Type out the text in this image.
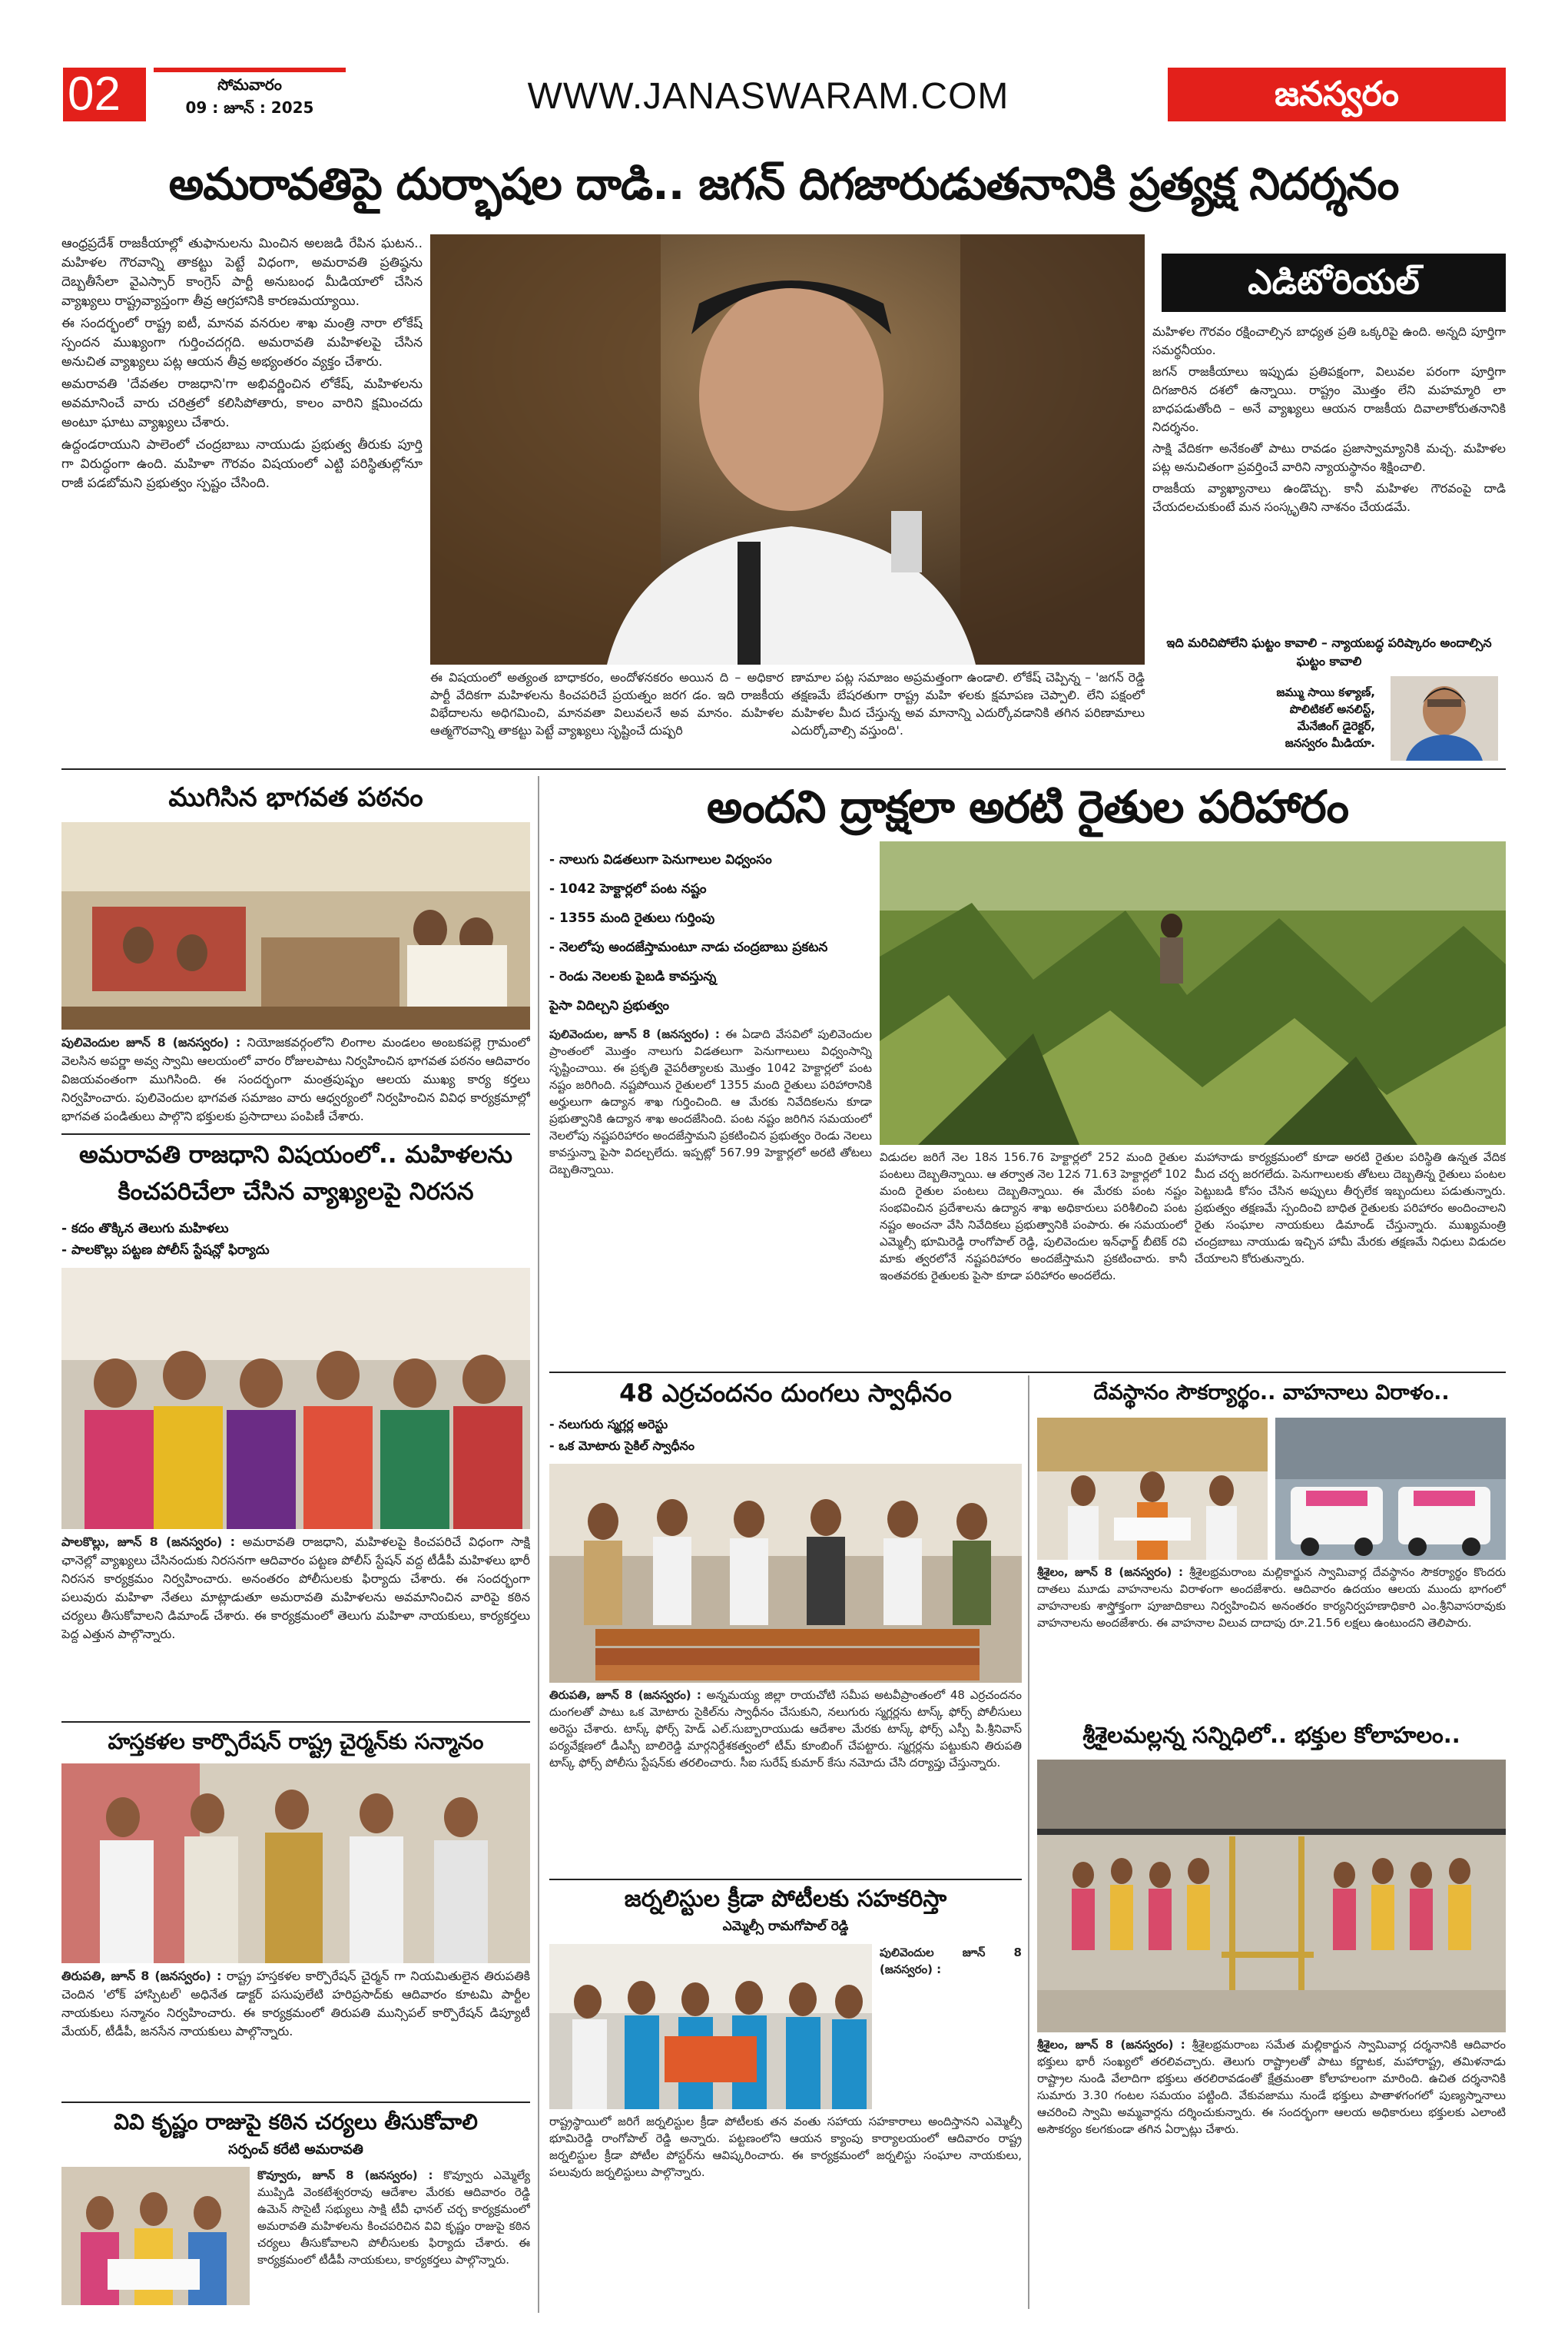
02	సోమవారం
09 : జూన్ : 2025	WWW.JANASWARAM.COM	జనస్వరం
అమరావతిపై దుర్భాషల దాడి.. జగన్ దిగజారుడుతనానికి ప్రత్యక్ష నిదర్శనం

ఆంధ్రప్రదేశ్ రాజకీయాల్లో తుఫానులను మించిన అలజడి రేపిన ఘటన.. మహిళల గౌరవాన్ని తాకట్టు పెట్టే విధంగా, అమరావతి ప్రతిష్ఠను దెబ్బతీసేలా వైఎస్సార్ కాంగ్రెస్ పార్టీ అనుబంధ మీడియాలో చేసిన వ్యాఖ్యలు రాష్ట్రవ్యాప్తంగా తీవ్ర ఆగ్రహానికి కారణమయ్యాయి.

ఈ సందర్భంలో రాష్ట్ర ఐటీ, మానవ వనరుల శాఖ మంత్రి నారా లోకేష్ స్పందన ముఖ్యంగా గుర్తించదగ్గది. అమరావతి మహిళలపై చేసిన అనుచిత వ్యాఖ్యలు పట్ల ఆయన తీవ్ర అభ్యంతరం వ్యక్తం చేశారు.

అమరావతి 'దేవతల రాజధాని'గా అభివర్ణించిన లోకేష్, మహిళలను అవమానించే వారు చరిత్రలో కలిసిపోతారు, కాలం వారిని క్షమించదు అంటూ ఘాటు వ్యాఖ్యలు చేశారు.

ఉద్దండరాయుని పాలెంలో చంద్రబాబు నాయుడు ప్రభుత్వ తీరుకు పూర్తి గా విరుద్ధంగా ఉంది. మహిళా గౌరవం విషయంలో ఎట్టి పరిస్థితుల్లోనూ రాజీ పడబోమని ప్రభుత్వం స్పష్టం చేసింది.

ఈ విషయంలో అత్యంత బాధాకరం, అందోళనకరం అయిన ది – అధికార పార్టీ వేదికగా మహిళలను కించపరిచే ప్రయత్నం జరగ డం. ఇది రాజకీయ విభేదాలను అధిగమించి, మానవతా విలువలనే అవ మానం. మహిళల ఆత్మగౌరవాన్ని తాకట్టు పెట్టే వ్యాఖ్యలు సృష్టించే దుష్పరి

ణామాల పట్ల సమాజం అప్రమత్తంగా ఉండాలి. లోకేష్ చెప్పిన్న – 'జగన్ రెడ్డి తక్షణమే బేషరతుగా రాష్ట్ర మహి ళలకు క్షమాపణ చెప్పాలి. లేని పక్షంలో మహిళల మీద చేస్తున్న అవ మానాన్ని ఎదుర్కోవడానికి తగిన పరిణామాలు ఎదుర్కోవాల్సి వస్తుంది'.

ఎడిటోరియల్

మహిళల గౌరవం రక్షించాల్సిన బాధ్యత ప్రతి ఒక్కరిపై ఉంది. అన్నది పూర్తిగా సమర్థనీయం.

జగన్ రాజకీయాలు ఇప్పుడు ప్రతిపక్షంగా, విలువల పరంగా పూర్తిగా దిగజారిన దశలో ఉన్నాయి. రాష్ట్రం మొత్తం లేని మహమ్మారి లా బాధపడుతోంది – అనే వ్యాఖ్యలు ఆయన రాజకీయ దివాలాకోరుతనానికి నిదర్శనం.

సాక్షి వేదికగా అనేకంతో పాటు రావడం ప్రజాస్వామ్యానికి మచ్చ. మహిళల పట్ల అనుచితంగా ప్రవర్తించే వారిని న్యాయస్థానం శిక్షించాలి.

రాజకీయ వ్యాఖ్యానాలు ఉండొచ్చు. కానీ మహిళల గౌరవంపై దాడి చేయదలచుకుంటే మన సంస్కృతిని నాశనం చేయడమే.

ఇది మరిచిపోలేని ఘట్టం కావాలి – న్యాయబద్ధ పరిష్కారం అందాల్సిన ఘట్టం కావాలి
జమ్ము సాయి కళ్యాణ్,
పొలిటికల్ అనలిస్ట్,
మేనేజింగ్ డైరెక్టర్,
జనస్వరం మీడియా.
ముగిసిన భాగవత పఠనం
పులివెందుల జూన్ 8 (జనస్వరం) : నియోజకవర్గంలోని లింగాల మండలం అంబకపల్లె గ్రామంలో వెలసిన అపర్ణా అవ్వ స్వామి ఆలయంలో వారం రోజులపాటు నిర్వహించిన భాగవత పఠనం ఆదివారం విజయవంతంగా ముగిసింది. ఈ సందర్భంగా మంత్రపుష్పం ఆలయ ముఖ్య కార్య కర్తలు నిర్వహించారు. పులివెందుల భాగవత సమాజం వారు ఆధ్వర్యంలో నిర్వహించిన వివిధ కార్యక్రమాల్లో భాగవత పండితులు పాల్గొని భక్తులకు ప్రసాదాలు పంపిణీ చేశారు.
అమరావతి రాజధాని విషయంలో.. మహిళలను
కించపరిచేలా చేసిన వ్యాఖ్యలపై నిరసన

- కదం తొక్కిన తెలుగు మహిళలు

- పాలకొల్లు పట్టణ పోలీస్ స్టేషన్లో ఫిర్యాదు

పాలకొల్లు, జూన్ 8 (జనస్వరం) : అమరావతి రాజధాని, మహిళలపై కించపరిచే విధంగా సాక్షి ఛానెల్లో వ్యాఖ్యలు చేసినందుకు నిరసనగా ఆదివారం పట్టణ పోలీస్ స్టేషన్ వద్ద టీడీపీ మహిళలు భారీ నిరసన కార్యక్రమం నిర్వహించారు. అనంతరం పోలీసులకు ఫిర్యాదు చేశారు. ఈ సందర్భంగా పలువురు మహిళా నేతలు మాట్లాడుతూ అమరావతి మహిళలను అవమానించిన వారిపై కఠిన చర్యలు తీసుకోవాలని డిమాండ్ చేశారు. ఈ కార్యక్రమంలో తెలుగు మహిళా నాయకులు, కార్యకర్తలు పెద్ద ఎత్తున పాల్గొన్నారు.
హస్తకళల కార్పొరేషన్ రాష్ట్ర చైర్మన్‌కు సన్మానం
తిరుపతి, జూన్ 8 (జనస్వరం) : రాష్ట్ర హస్తకళల కార్పొరేషన్ చైర్మన్ గా నియమితులైన తిరుపతికి చెందిన 'లోక్ హాస్పిటల్' అధినేత డాక్టర్ పసుపులేటి హరిప్రసాద్‌కు ఆదివారం కూటమి పార్టీల నాయకులు సన్మానం నిర్వహించారు. ఈ కార్యక్రమంలో తిరుపతి మున్సిపల్ కార్పొరేషన్ డిప్యూటీ మేయర్, టీడీపీ, జనసేన నాయకులు పాల్గొన్నారు.
వివి కృష్ణం రాజుపై కఠిన చర్యలు తీసుకోవాలి
సర్పంచ్ కరేటి అమరావతి
కొవ్వూరు, జూన్ 8 (జనస్వరం) : కొవ్వూరు ఎమ్మెల్యే ముప్పిడి వెంకటేశ్వరరావు ఆదేశాల మేరకు ఆదివారం రెడ్డి ఉమెన్ సొసైటీ సభ్యులు సాక్షి టీవీ ఛానల్ చర్చ కార్యక్రమంలో అమరావతి మహిళలను కించపరిచిన వివి కృష్ణం రాజుపై కఠిన చర్యలు తీసుకోవాలని పోలీసులకు ఫిర్యాదు చేశారు. ఈ కార్యక్రమంలో టీడీపీ నాయకులు, కార్యకర్తలు పాల్గొన్నారు.
అందని ద్రాక్షలా అరటి రైతుల పరిహారం

- నాలుగు విడతలుగా పెనుగాలుల విధ్వంసం

- 1042 హెక్టార్లలో పంట నష్టం

- 1355 మంది రైతులు గుర్తింపు

- నెలలోపు అందజేస్తామంటూ నాడు చంద్రబాబు ప్రకటన

- రెండు నెలలకు పైబడి కావస్తున్న

పైసా విదిల్చని ప్రభుత్వం

పులివెందుల, జూన్ 8 (జనస్వరం) : ఈ ఏడాది వేసవిలో పులివెందుల ప్రాంతంలో మొత్తం నాలుగు విడతలుగా పెనుగాలులు విధ్వంసాన్ని సృష్టించాయి. ఈ ప్రకృతి వైపరీత్యాలకు మొత్తం 1042 హెక్టార్లలో పంట నష్టం జరిగింది. నష్టపోయిన రైతులలో 1355 మంది రైతులు పరిహారానికి అర్హులుగా ఉద్యాన శాఖ గుర్తించింది. ఆ మేరకు నివేదికలను కూడా ప్రభుత్వానికి ఉద్యాన శాఖ అందజేసింది. పంట నష్టం జరిగిన సమయంలో నెలలోపు నష్టపరిహారం అందజేస్తామని ప్రకటించిన ప్రభుత్వం రెండు నెలలు కావస్తున్నా పైసా విదల్చలేదు. ఇప్పట్లో 567.99 హెక్టార్లలో అరటి తోటలు దెబ్బతిన్నాయి.
విడుదల జరిగే నెల 18న 156.76 హెక్టార్లలో 252 మంది రైతుల పంటలు దెబ్బతిన్నాయి. ఆ తర్వాత నెల 12న 71.63 హెక్టార్లలో 102 మంది రైతుల పంటలు దెబ్బతిన్నాయి. ఈ మేరకు పంట నష్టం సంభవించిన ప్రదేశాలను ఉద్యాన శాఖ అధికారులు పరిశీలించి పంట నష్టం అంచనా వేసి నివేదికలు ప్రభుత్వానికి పంపారు. ఈ సమయంలో ఎమ్మెల్సీ భూమిరెడ్డి రాంగోపాల్ రెడ్డి, పులివెందుల ఇన్‌ఛార్జ్ బీటెక్ రవి మాకు త్వరలోనే నష్టపరిహారం అందజేస్తామని ప్రకటించారు. కానీ ఇంతవరకు రైతులకు పైసా కూడా పరిహారం అందలేదు.
మహానాడు కార్యక్రమంలో కూడా అరటి రైతుల పరిస్థితి ఉన్నత వేదిక మీద చర్చ జరగలేదు. పెనుగాలులకు తోటలు దెబ్బతిన్న రైతులు పంటల పెట్టుబడి కోసం చేసిన అప్పులు తీర్చలేక ఇబ్బందులు పడుతున్నారు. ప్రభుత్వం తక్షణమే స్పందించి బాధిత రైతులకు పరిహారం అందించాలని రైతు సంఘాల నాయకులు డిమాండ్ చేస్తున్నారు. ముఖ్యమంత్రి చంద్రబాబు నాయుడు ఇచ్చిన హామీ మేరకు తక్షణమే నిధులు విడుదల చేయాలని కోరుతున్నారు.
48 ఎర్రచందనం దుంగలు స్వాధీనం

- నలుగురు స్మగ్లర్ల అరెస్టు

- ఒక మోటారు సైకిల్ స్వాధీనం

తిరుపతి, జూన్ 8 (జనస్వరం) : అన్నమయ్య జిల్లా రాయచోటి సమీప అటవీప్రాంతంలో 48 ఎర్రచందనం దుంగలతో పాటు ఒక మోటారు సైకిల్‌ను స్వాధీనం చేసుకుని, నలుగురు స్మగ్లర్లను టాస్క్ ఫోర్స్ పోలీసులు అరెస్టు చేశారు. టాస్క్ ఫోర్స్ హెడ్ ఎల్.సుబ్బారాయుడు ఆదేశాల మేరకు టాస్క్ ఫోర్స్ ఎస్పీ పి.శ్రీనివాస్ పర్యవేక్షణలో డీఎస్పీ బాలిరెడ్డి మార్గనిర్దేశకత్వంలో టీమ్ కూంబింగ్ చేపట్టారు. స్మగ్లర్లను పట్టుకుని తిరుపతి టాస్క్ ఫోర్స్ పోలీసు స్టేషన్‌కు తరలించారు. సీఐ సురేష్ కుమార్ కేసు నమోదు చేసి దర్యాప్తు చేస్తున్నారు.
జర్నలిస్టుల క్రీడా పోటీలకు సహకరిస్తా
ఎమ్మెల్సీ రామగోపాల్ రెడ్డి
పులివెందుల జూన్ 8 (జనస్వరం) :
రాష్ట్రస్థాయిలో జరిగే జర్నలిస్టుల క్రీడా పోటీలకు తన వంతు సహాయ సహకారాలు అందిస్తానని ఎమ్మెల్సీ భూమిరెడ్డి రాంగోపాల్ రెడ్డి అన్నారు. పట్టణంలోని ఆయన క్యాంపు కార్యాలయంలో ఆదివారం రాష్ట్ర జర్నలిస్టుల క్రీడా పోటీల పోస్టర్‌ను ఆవిష్కరించారు. ఈ కార్యక్రమంలో జర్నలిస్టు సంఘాల నాయకులు, పలువురు జర్నలిస్టులు పాల్గొన్నారు.
దేవస్థానం సౌకర్యార్థం.. వాహనాలు విరాళం..
శ్రీశైలం, జూన్ 8 (జనస్వరం) : శ్రీశైలభ్రమరాంబ మల్లికార్జున స్వామివార్ల దేవస్థానం సౌకర్యార్థం కొందరు దాతలు మూడు వాహనాలను విరాళంగా అందజేశారు. ఆదివారం ఉదయం ఆలయ ముందు భాగంలో వాహనాలకు శాస్త్రోక్తంగా పూజాదికాలు నిర్వహించిన అనంతరం కార్యనిర్వహణాధికారి ఎం.శ్రీనివాసరావుకు వాహనాలను అందజేశారు. ఈ వాహనాల విలువ దాదాపు రూ.21.56 లక్షలు ఉంటుందని తెలిపారు.
శ్రీశైలమల్లన్న సన్నిధిలో.. భక్తుల కోలాహలం..
శ్రీశైలం, జూన్ 8 (జనస్వరం) : శ్రీశైలభ్రమరాంబ సమేత మల్లికార్జున స్వామివార్ల దర్శనానికి ఆదివారం భక్తులు భారీ సంఖ్యలో తరలివచ్చారు. తెలుగు రాష్ట్రాలతో పాటు కర్ణాటక, మహారాష్ట్ర, తమిళనాడు రాష్ట్రాల నుండి వేలాదిగా భక్తులు తరలిరావడంతో క్షేత్రమంతా కోలాహలంగా మారింది. ఉచిత దర్శనానికి సుమారు 3.30 గంటల సమయం పట్టింది. వేకువజాము నుండే భక్తులు పాతాళగంగలో పుణ్యస్నానాలు ఆచరించి స్వామి అమ్మవార్లను దర్శించుకున్నారు. ఈ సందర్భంగా ఆలయ అధికారులు భక్తులకు ఎలాంటి అసౌకర్యం కలగకుండా తగిన ఏర్పాట్లు చేశారు.
